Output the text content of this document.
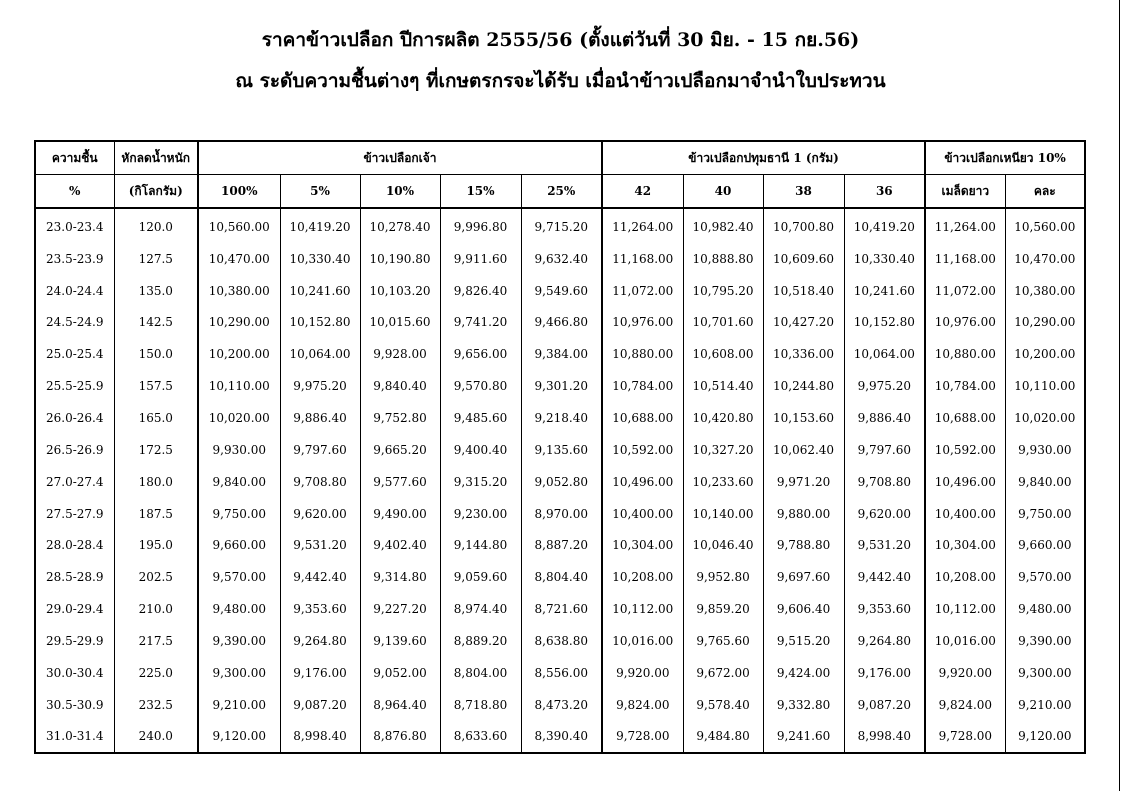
ราคาข้าวเปลือก ปีการผลิต 2555/56 (ตั้งแต่วันที่ 30 มิย. - 15 กย.56)
ณ ระดับความชื้นต่างๆ ที่เกษตรกรจะได้รับ เมื่อนำข้าวเปลือกมาจำนำใบประทวน
ความชื้น	หักลดน้ำหนัก	ข้าวเปลือกเจ้า					ข้าวเปลือกปทุมธานี 1 (กรัม)				ข้าวเปลือกเหนียว 10%	
%	(กิโลกรัม)	100%	5%	10%	15%	25%	42	40	38	36	เมล็ดยาว	คละ
23.0-23.4	120.0	10,560.00	10,419.20	10,278.40	9,996.80	9,715.20	11,264.00	10,982.40	10,700.80	10,419.20	11,264.00	10,560.00
23.5-23.9	127.5	10,470.00	10,330.40	10,190.80	9,911.60	9,632.40	11,168.00	10,888.80	10,609.60	10,330.40	11,168.00	10,470.00
24.0-24.4	135.0	10,380.00	10,241.60	10,103.20	9,826.40	9,549.60	11,072.00	10,795.20	10,518.40	10,241.60	11,072.00	10,380.00
24.5-24.9	142.5	10,290.00	10,152.80	10,015.60	9,741.20	9,466.80	10,976.00	10,701.60	10,427.20	10,152.80	10,976.00	10,290.00
25.0-25.4	150.0	10,200.00	10,064.00	9,928.00	9,656.00	9,384.00	10,880.00	10,608.00	10,336.00	10,064.00	10,880.00	10,200.00
25.5-25.9	157.5	10,110.00	9,975.20	9,840.40	9,570.80	9,301.20	10,784.00	10,514.40	10,244.80	9,975.20	10,784.00	10,110.00
26.0-26.4	165.0	10,020.00	9,886.40	9,752.80	9,485.60	9,218.40	10,688.00	10,420.80	10,153.60	9,886.40	10,688.00	10,020.00
26.5-26.9	172.5	9,930.00	9,797.60	9,665.20	9,400.40	9,135.60	10,592.00	10,327.20	10,062.40	9,797.60	10,592.00	9,930.00
27.0-27.4	180.0	9,840.00	9,708.80	9,577.60	9,315.20	9,052.80	10,496.00	10,233.60	9,971.20	9,708.80	10,496.00	9,840.00
27.5-27.9	187.5	9,750.00	9,620.00	9,490.00	9,230.00	8,970.00	10,400.00	10,140.00	9,880.00	9,620.00	10,400.00	9,750.00
28.0-28.4	195.0	9,660.00	9,531.20	9,402.40	9,144.80	8,887.20	10,304.00	10,046.40	9,788.80	9,531.20	10,304.00	9,660.00
28.5-28.9	202.5	9,570.00	9,442.40	9,314.80	9,059.60	8,804.40	10,208.00	9,952.80	9,697.60	9,442.40	10,208.00	9,570.00
29.0-29.4	210.0	9,480.00	9,353.60	9,227.20	8,974.40	8,721.60	10,112.00	9,859.20	9,606.40	9,353.60	10,112.00	9,480.00
29.5-29.9	217.5	9,390.00	9,264.80	9,139.60	8,889.20	8,638.80	10,016.00	9,765.60	9,515.20	9,264.80	10,016.00	9,390.00
30.0-30.4	225.0	9,300.00	9,176.00	9,052.00	8,804.00	8,556.00	9,920.00	9,672.00	9,424.00	9,176.00	9,920.00	9,300.00
30.5-30.9	232.5	9,210.00	9,087.20	8,964.40	8,718.80	8,473.20	9,824.00	9,578.40	9,332.80	9,087.20	9,824.00	9,210.00
31.0-31.4	240.0	9,120.00	8,998.40	8,876.80	8,633.60	8,390.40	9,728.00	9,484.80	9,241.60	8,998.40	9,728.00	9,120.00
